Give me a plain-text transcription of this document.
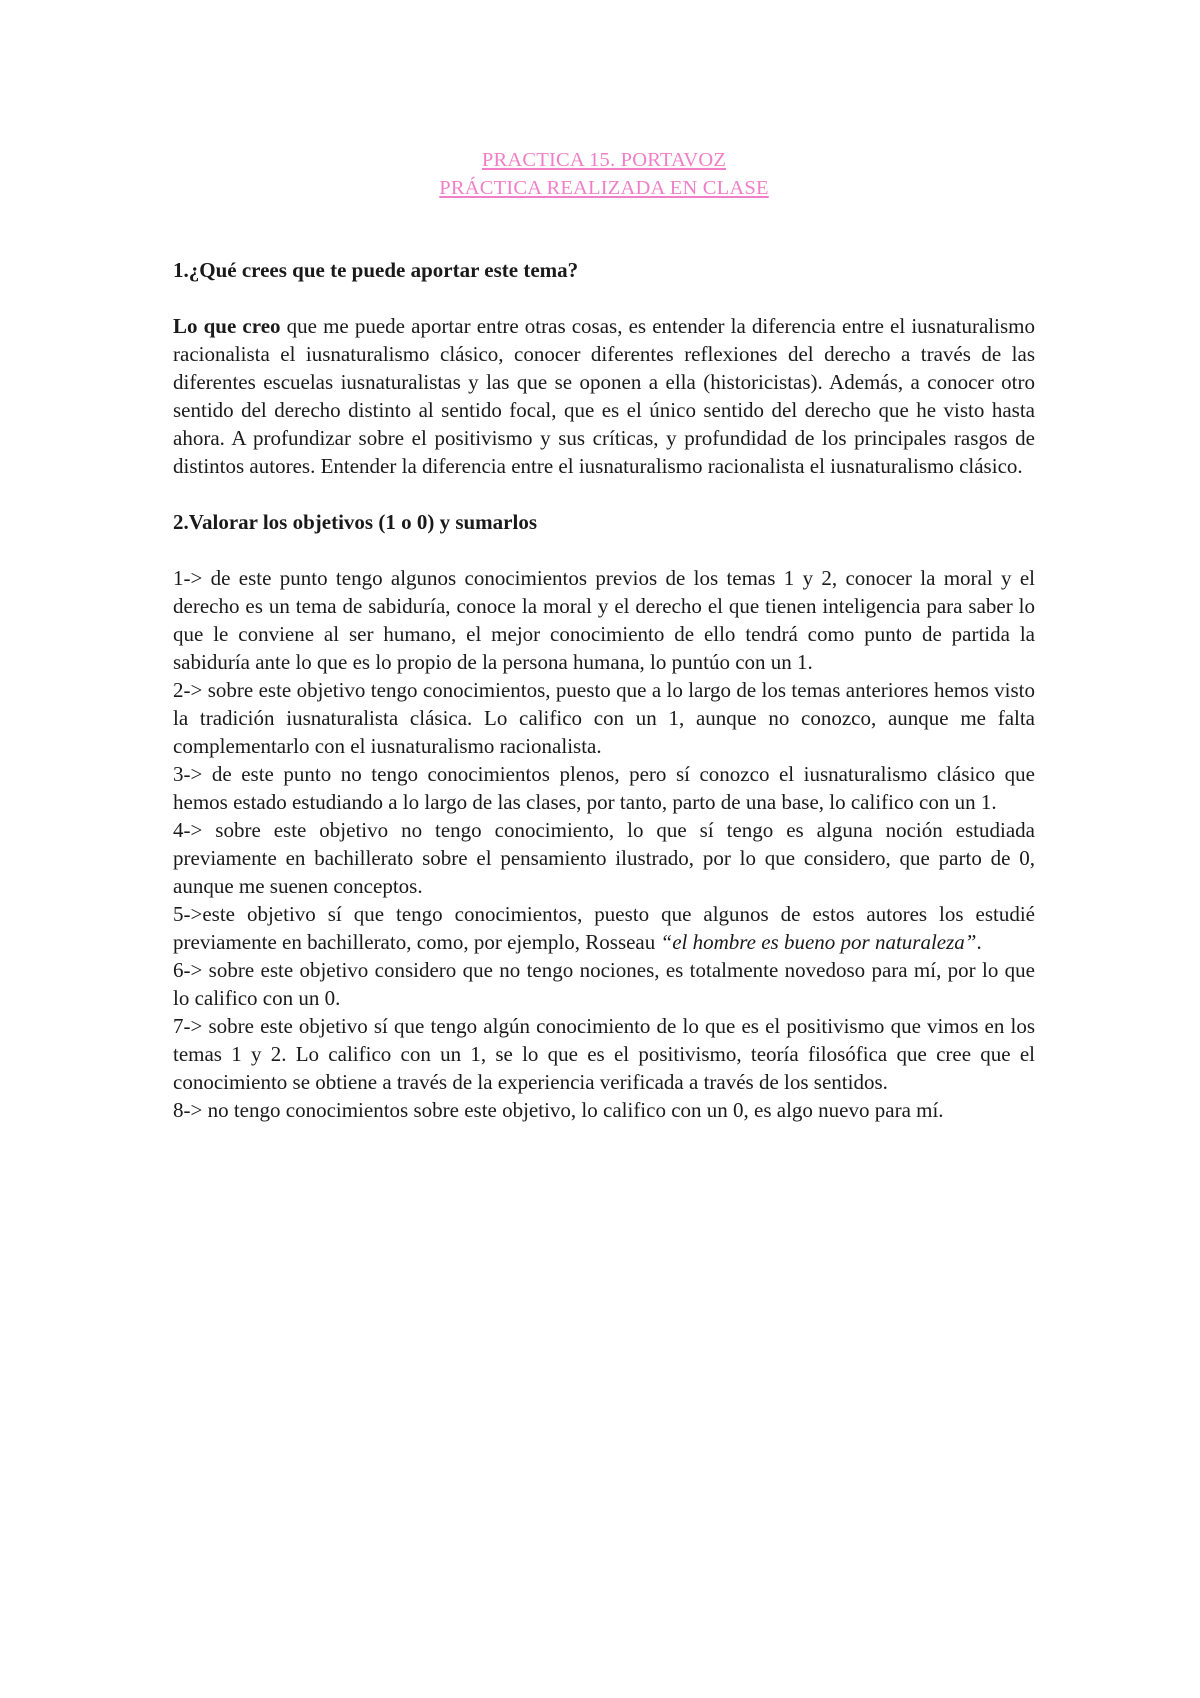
PRACTICA 15. PORTAVOZ
PRÁCTICA REALIZADA EN CLASE

1.¿Qué crees que te puede aportar este tema?

Lo que creo que me puede aportar entre otras cosas, es entender la diferencia entre el iusnaturalismo racionalista el iusnaturalismo clásico, conocer diferentes reflexiones del derecho a través de las diferentes escuelas iusnaturalistas y las que se oponen a ella (historicistas). Además, a conocer otro sentido del derecho distinto al sentido focal, que es el único sentido del derecho que he visto hasta ahora. A profundizar sobre el positivismo y sus críticas, y profundidad de los principales rasgos de distintos autores. Entender la diferencia entre el iusnaturalismo racionalista el iusnaturalismo clásico.

2.Valorar los objetivos (1 o 0) y sumarlos

1-> de este punto tengo algunos conocimientos previos de los temas 1 y 2, conocer la moral y el derecho es un tema de sabiduría, conoce la moral y el derecho el que tienen inteligencia para saber lo que le conviene al ser humano, el mejor conocimiento de ello tendrá como punto de partida la sabiduría ante lo que es lo propio de la persona humana, lo puntúo con un 1.

2-> sobre este objetivo tengo conocimientos, puesto que a lo largo de los temas anteriores hemos visto la tradición iusnaturalista clásica. Lo califico con un 1, aunque no conozco, aunque me falta complementarlo con el iusnaturalismo racionalista.

3-> de este punto no tengo conocimientos plenos, pero sí conozco el iusnaturalismo clásico que hemos estado estudiando a lo largo de las clases, por tanto, parto de una base, lo califico con un 1.

4-> sobre este objetivo no tengo conocimiento, lo que sí tengo es alguna noción estudiada previamente en bachillerato sobre el pensamiento ilustrado, por lo que considero, que parto de 0, aunque me suenen conceptos.

5->este objetivo sí que tengo conocimientos, puesto que algunos de estos autores los estudié previamente en bachillerato, como, por ejemplo, Rosseau “el hombre es bueno por naturaleza”.

6-> sobre este objetivo considero que no tengo nociones, es totalmente novedoso para mí, por lo que lo califico con un 0.

7-> sobre este objetivo sí que tengo algún conocimiento de lo que es el positivismo que vimos en los temas 1 y 2. Lo califico con un 1, se lo que es el positivismo, teoría filosófica que cree que el conocimiento se obtiene a través de la experiencia verificada a través de los sentidos.

8-> no tengo conocimientos sobre este objetivo, lo califico con un 0, es algo nuevo para mí.
